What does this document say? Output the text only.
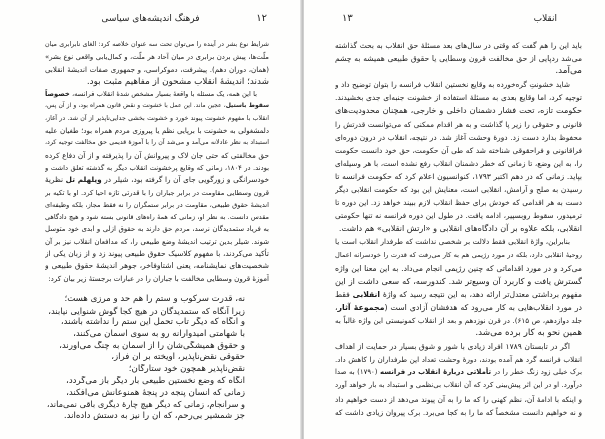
فرهنگ اندیشه‌های سیاسی	۱۲
شرایط نوع بشر در آینده را می‌توان تحت سه عنوان خلاصه کرد: الغای نابرابری میان
ملّت‌ها، پیش بردن برابری در میان آحاد هر ملّت، و کمال‌یابی واقعی نوع بشر»
(همان، دوران دهم). پیشرفت، دموکراسی، و جمهوری صفات اندیشهٔ انقلابی
شدند؛ اندیشهٔ انقلاب مشحون از مفاهیم مثبت بود.
با این همه، یک مسئله با واقعهٔ بسیار مشخص شدهٔ انقلاب فرانسه، خصوصاً
سقوط باستیل، عجین ماند. این عمل با خشونت و نقض قانون همراه بود، و از آن پس،
انقلاب با مفهوم خشونت پیوند خورد و خشونت بخشی جدایی‌ناپذیر از آن شد. در آغاز،
دلمشغولی به خشونت با برپایی نظم یا پیروزی مردم همراه بود؛ طغیان علیه
استبداد به نظر عادلانه می‌آمد و می‌شد آن را با آموزهٔ قدیمی حق مخالفت توجیه کرد،
حق مخالفتی که حتی جان لاک و پیروانش آن را پذیرفته و از آن دفاع کرده
بودند. در ۱۸۰۴، زمانی که وقایع پرخشونت انقلاب دیگر به گذشته تعلق داشت و
خودسرانگی و زورگویی جای آن را گرفته بود، شیلر در ویلهلم تل نظریهٔ
قرون وسطایی مقاومت در برابر جباران را با قدرتی تازه احیا کرد. او با تکیه بر
اندیشهٔ حقوق طبیعی، مقاومت در برابر ستمگران را نه فقط مجاز، بلکه وظیفه‌ای
مقدس دانست. به نظر او، زمانی که همهٔ راه‌های قانونی بسته شود و هیچ دادگاهی
به فریاد ستمدیدگان نرسد، مردم حق دارند به حقوق ازلی و ابدی خود متوسل
شوند. شیلر بدین ترتیب اندیشهٔ وضع طبیعی را، که مدافعان انقلاب نیز بر آن
تأکید می‌کردند، با مفهوم کلاسیک حقوق طبیعی پیوند زد و از زبان یکی از
شخصیت‌های نمایشنامه، یعنی اشتاوفاخر، جوهر اندیشهٔ حقوق طبیعی و
آموزهٔ قرون وسطایی مخالفت با جباران را در عبارات برجستهٔ زیر بیان کرد:
نه، قدرت سرکوب و ستم را هم حد و مرزی هست؛
زیرا آنگاه که ستمدیدگان در هیچ کجا گوش شنوایی نیابند،
و آنگاه که دیگر تاب تحمل این ستم را نداشته باشند،
با شهامتی امیدوارانه رو به سوی آسمان می‌کنند،
و حقوق همیشگی‌شان را از آسمان به چنگ می‌آورند،
حقوقی نقض‌ناپذیر، آویخته بر آن فراز،
نقض‌ناپذیر همچون خود ستارگان؛
آنگاه که وضع نخستین طبیعی بار دیگر باز می‌گردد،
زمانی که انسان پنجه در پنجهٔ همنوعانش می‌افکند،
و سرانجام، زمانی که دیگر هیچ چارهٔ دیگری باقی نمی‌ماند،
جز شمشیر بی‌رحم، که آن را نیز به دستش داده‌اند.
۱۳	انقلاب
باید این را هم گفت که وقتی در سال‌های بعد مسئلهٔ حق انقلاب به بحث گذاشته
می‌شد ردپایی از حق مخالفت قرون وسطایی یا حقوق طبیعی همیشه به چشم
می‌آمد.
شاید خشونتِ گره‌خورده به وقایع نخستین انقلاب فرانسه را بتوان توضیح داد و
توجیه کرد، اما وقایع بعدی به مسئلهٔ استفاده از خشونت جنبه‌ای جدی بخشیدند.
حکومت تازه، تحت فشار دشمنان داخلی و خارجی، همچنان محدودیت‌های
قانونی و حقوقی را زیر پا گذاشت و به هر اقدام ممکنی که می‌توانست قدرتش را
محفوظ بدارد دست زد. دورهٔ وحشت آغاز شد. در نتیجه، انقلاب در درون دوره‌ای
فراقانونی و فراحقوقی شناخته شد که طی آن حکومت، حق خود دانست حکومت
را، به این وضع، تا زمانی که خطر دشمنان انقلاب رفع نشده است، با هر وسیله‌ای
بپاید. زمانی که در دهم اکتبر ۱۷۹۳، کنوانسیون اعلام کرد که حکومت فرانسه تا
رسیدن به صلح و آرامش، انقلابی است، معنایش این بود که حکومت انقلابی دیگر
دست به هر اقدامی که خودش برای حفظ انقلاب لازم ببیند خواهد زد. این دوره تا
ترمیدور، سقوط روبسپیر، ادامه یافت. در طول این دوره فرانسه نه تنها حکومتی
انقلابی، بلکه علاوه بر آن دادگاه‌های انقلابی و «ارتش انقلابی» هم داشت.
بنابراین، واژهٔ انقلابی فقط دلالت بر شخصی نداشت که طرفدار انقلاب است یا
روحیهٔ انقلابی دارد، بلکه در مورد رژیمی هم به کار می‌رفت که قدرت را خودسرانه اعمال
می‌کرد و در مورد اقداماتی که چنین رژیمی انجام می‌داد. به این معنا این واژه
گسترش یافت و کاربرد آن وسیع‌تر شد. کندورسه، که سعی داشت از این
مفهوم برداشتی معتدل‌تر ارائه دهد، به این نتیجه رسید که واژهٔ انقلابی فقط
در مورد انقلاب‌هایی به کار می‌رود که هدفشان آزادی است (مجموعهٔ آثار،
جلد دوازدهم، ص ۶۱۵). در قرن نوزدهم و بعد از انقلاب کمونیستی این واژه غالباً به
همین نحو به کار برده می‌شد.
اگر در تابستان ۱۷۸۹ افراد زیادی با شور و شوق بسیار در حمایت از اهداف
انقلاب فرانسه گرد هم آمده بودند، دورهٔ وحشت تعداد این طرفداران را کاهش داد.
برک خیلی زود زنگ خطر را در تأملاتی دربارهٔ انقلاب در فرانسه (۱۷۹۰) به صدا
درآورد. او در این اثر پیش‌بینی کرد که آن انقلاب بی‌نظمی و استبداد به بار خواهد آورد
و اینکه با ادامهٔ آن، نظم کهنی را که ما را به آن پیوند می‌دهد از دست خواهیم داد
و نه خواهیم دانست مشخصاً که ما را به کجا می‌برد. برک پیروان زیادی داشت که
